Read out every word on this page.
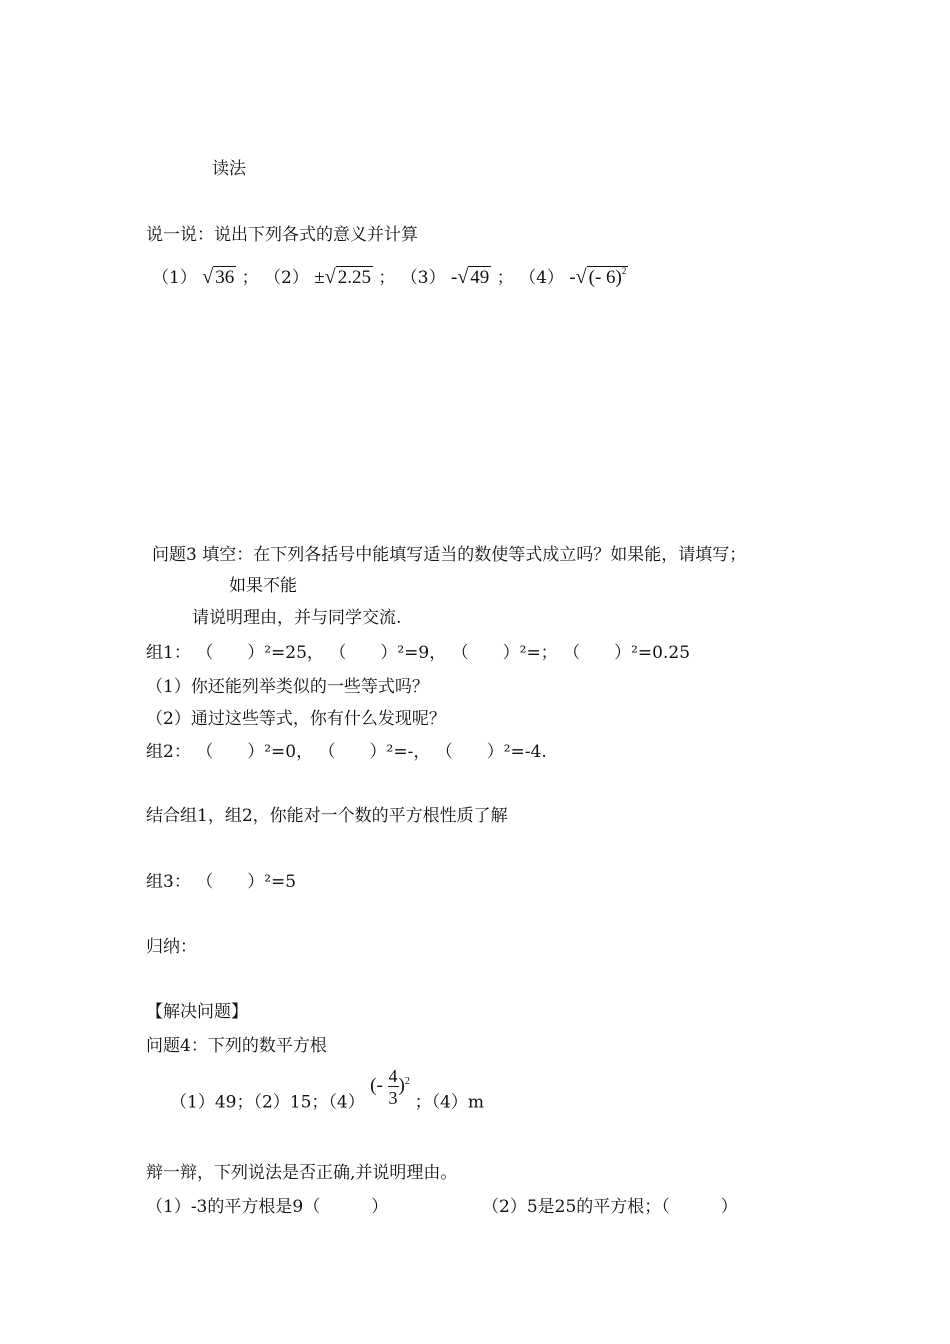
读法
说一说：说出下列各式的意义并计算
（1） √ 36 ； （2） ±√ 2.25 ； （3） -√ 49 ； （4） -√ (- 6)$^2$
问题3 填空：在下列各括号中能填写适当的数使等式成立吗？如果能，请填写；
如果不能
请说明理由，并与同学交流.
组1： （　　）²=25， （　　）²=9， （　　）²=； （　　）²=0.25
（1）你还能列举类似的一些等式吗？
（2）通过这些等式，你有什么发现呢？
组2： （　　）²=0， （　　）²=-， （　　）²=-4.
结合组1，组2，你能对一个数的平方根性质了解
组3： （　　）²=5
归纳：
【解决问题】
问题4：下列的数平方根
（1）49；（2）15；（4） (- $\frac{4}{3} )^2$ ；（4）m
辩一辩，下列说法是否正确,并说明理由。
（1）-3的平方根是9（　　　）	（2）5是25的平方根；（　　　）
